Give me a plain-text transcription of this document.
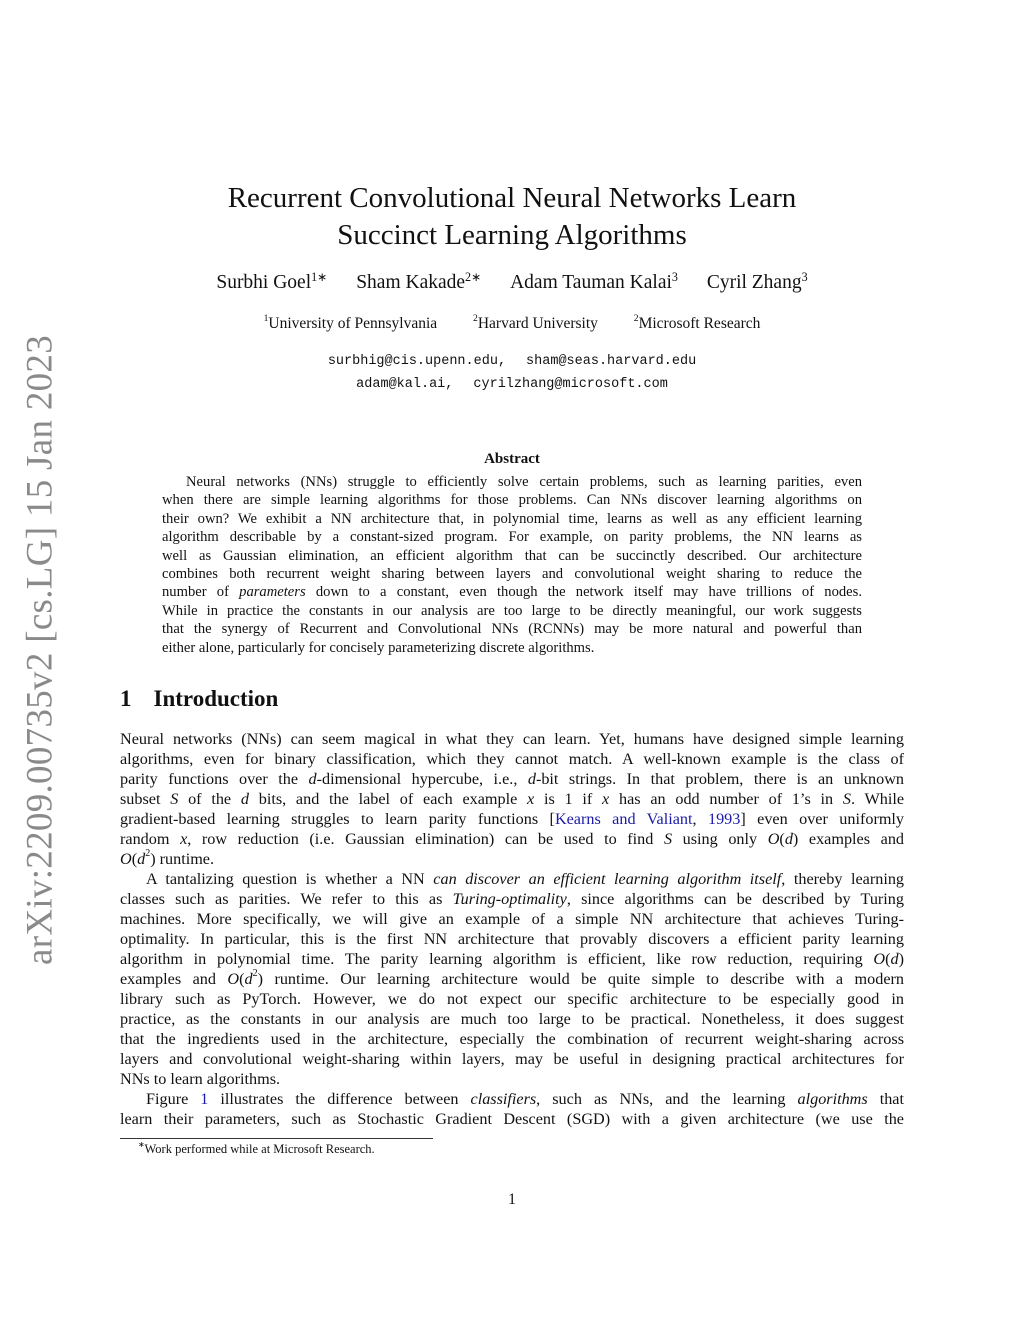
arXiv:2209.00735v2 [cs.LG] 15 Jan 2023
Recurrent Convolutional Neural Networks Learn
Succinct Learning Algorithms
Surbhi Goel$^{1∗}$ Sham Kakade$^{2∗}$ Adam Tauman Kalai$^3$ Cyril Zhang$^3$
$^1$University of Pennsylvania	$^2$Harvard University	$^2$Microsoft Research
surbhig@cis.upenn.edu, sham@seas.harvard.edu
adam@kal.ai, cyrilzhang@microsoft.com
Abstract
Neural networks (NNs) struggle to efficiently solve certain problems, such as learning parities, even
when there are simple learning algorithms for those problems. Can NNs discover learning algorithms on
their own? We exhibit a NN architecture that, in polynomial time, learns as well as any efficient learning
algorithm describable by a constant-sized program. For example, on parity problems, the NN learns as
well as Gaussian elimination, an efficient algorithm that can be succinctly described. Our architecture
combines both recurrent weight sharing between layers and convolutional weight sharing to reduce the
number of parameters down to a constant, even though the network itself may have trillions of nodes.
While in practice the constants in our analysis are too large to be directly meaningful, our work suggests
that the synergy of Recurrent and Convolutional NNs (RCNNs) may be more natural and powerful than
either alone, particularly for concisely parameterizing discrete algorithms.
1 Introduction
Neural networks (NNs) can seem magical in what they can learn. Yet, humans have designed simple learning
algorithms, even for binary classification, which they cannot match. A well-known example is the class of
parity functions over the d-dimensional hypercube, i.e., d-bit strings. In that problem, there is an unknown
subset S of the d bits, and the label of each example x is 1 if x has an odd number of 1’s in S. While
gradient-based learning struggles to learn parity functions [Kearns and Valiant, 1993] even over uniformly
random x, row reduction (i.e. Gaussian elimination) can be used to find S using only O(d) examples and
$O(d^2)$ runtime.
A tantalizing question is whether a NN can discover an efficient learning algorithm itself, thereby learning
classes such as parities. We refer to this as Turing-optimality, since algorithms can be described by Turing
machines. More specifically, we will give an example of a simple NN architecture that achieves Turing-
optimality. In particular, this is the first NN architecture that provably discovers a efficient parity learning
algorithm in polynomial time. The parity learning algorithm is efficient, like row reduction, requiring O(d)
examples and $O(d^2)$ runtime. Our learning architecture would be quite simple to describe with a modern
library such as PyTorch. However, we do not expect our specific architecture to be especially good in
practice, as the constants in our analysis are much too large to be practical. Nonetheless, it does suggest
that the ingredients used in the architecture, especially the combination of recurrent weight-sharing across
layers and convolutional weight-sharing within layers, may be useful in designing practical architectures for
NNs to learn algorithms.
Figure 1 illustrates the difference between classifiers, such as NNs, and the learning algorithms that
learn their parameters, such as Stochastic Gradient Descent (SGD) with a given architecture (we use the
∗Work performed while at Microsoft Research.
1
